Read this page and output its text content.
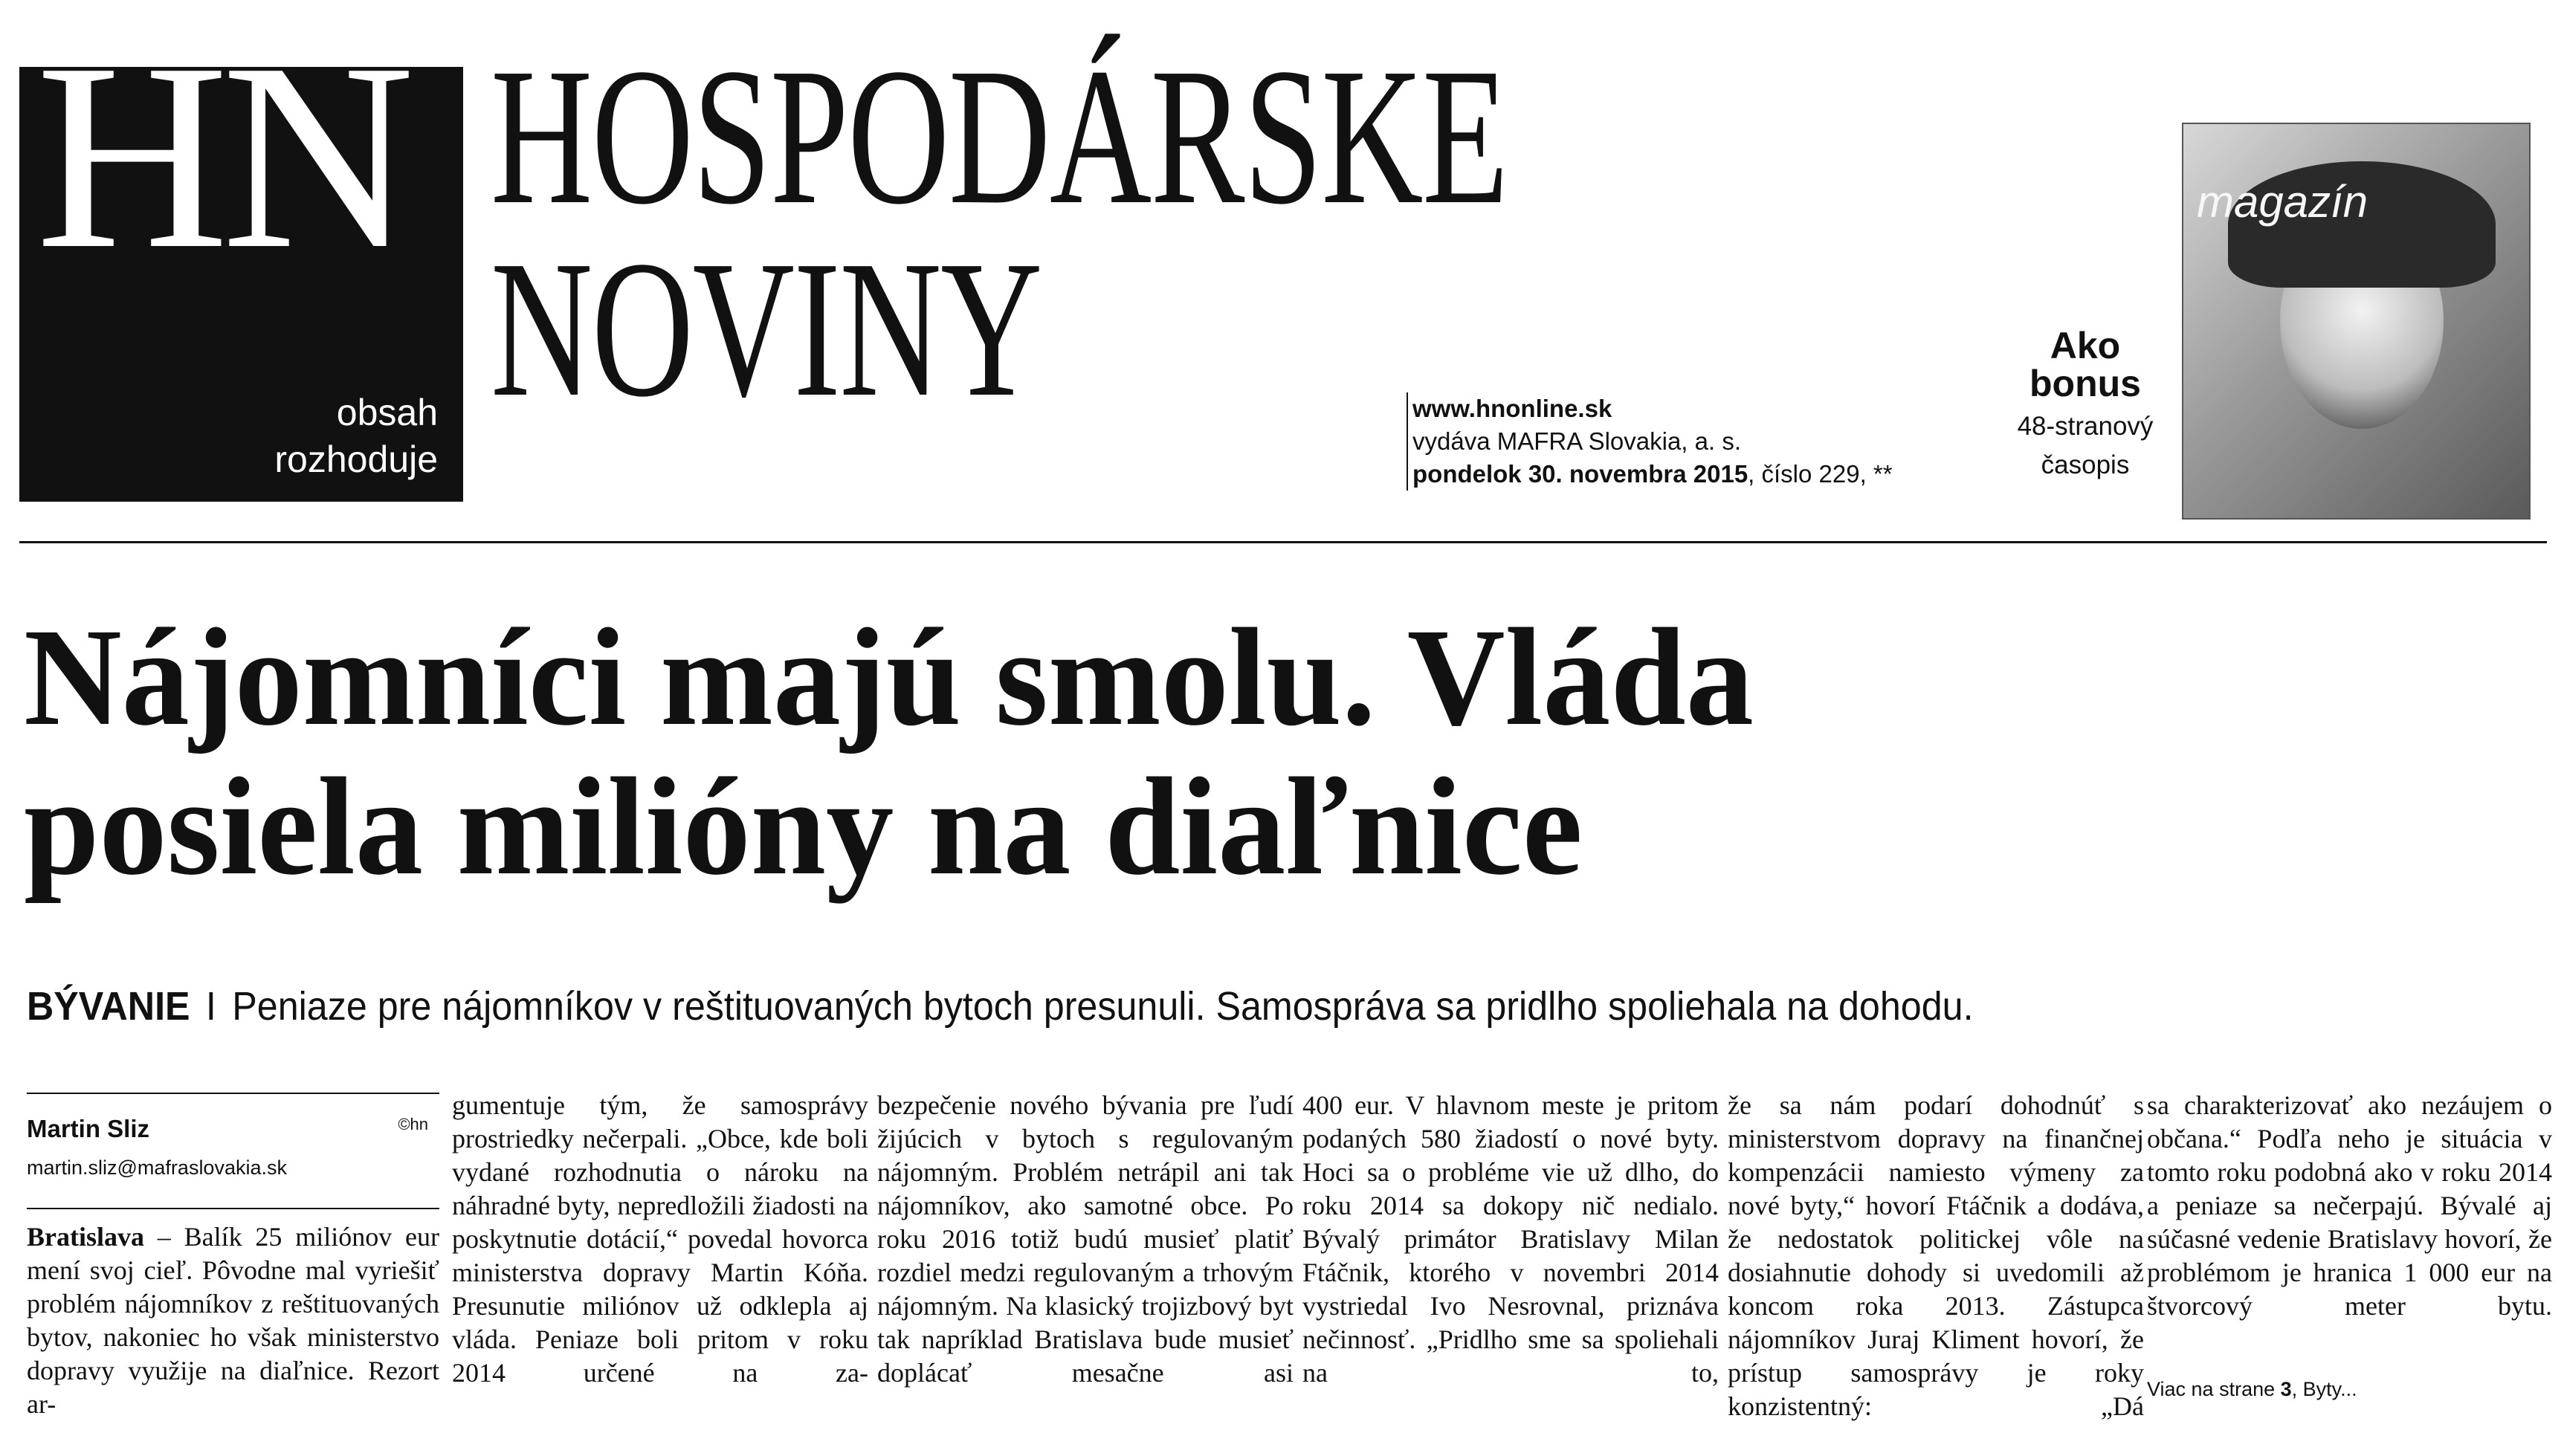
HN
obsah
rozhoduje
HOSPODÁRSKE
NOVINY	www.hnonline.sk
vydáva MAFRA Slovakia, a. s.
pondelok 30. novembra 2015, číslo 229, **
Ako
bonus
48-stranový
časopis
magazín
Nájomníci majú smolu. Vláda
posiela milióny na diaľnice
BÝVANIE I Peniaze pre nájomníkov v reštituovaných bytoch presunuli. Samospráva sa pridlho spoliehala na dohodu.
Martin Sliz	©hn
martin.sliz@mafraslovakia.sk
Bratislava – Balík 25 miliónov eur mení svoj cieľ. Pôvodne mal vyriešiť problém nájomníkov z reštituovaných bytov, nakoniec ho však ministerstvo dopravy využije na diaľnice. Rezort ar-
gumentuje tým, že samosprávy prostriedky nečerpali. „Obce, kde boli vydané rozhodnutia o nároku na náhradné byty, nepredložili žiadosti na poskytnutie dotácií,“ povedal hovorca ministerstva dopravy Martin Kóňa. Presunutie miliónov už odklepla aj vláda. Peniaze boli pritom v roku 2014 určené na za-
bezpečenie nového bývania pre ľudí žijúcich v bytoch s regulovaným nájomným. Problém netrápil ani tak nájomníkov, ako samotné obce. Po roku 2016 totiž budú musieť platiť rozdiel medzi regulovaným a trhovým nájomným. Na klasický trojizbový byt tak napríklad Bratislava bude musieť doplácať mesačne asi
400 eur. V hlavnom meste je pritom podaných 580 žiadostí o nové byty. Hoci sa o probléme vie už dlho, do roku 2014 sa dokopy nič nedialo. Bývalý primátor Bratislavy Milan Ftáčnik, ktorého v novembri 2014 vystriedal Ivo Nesrovnal, priznáva nečinnosť. „Pridlho sme sa spoliehali na to,
že sa nám podarí dohodnúť s ministerstvom dopravy na finančnej kompenzácii namiesto výmeny za nové byty,“ hovorí Ftáčnik a dodáva, že nedostatok politickej vôle na dosiahnutie dohody si uvedomili až koncom roka 2013. Zástupca nájomníkov Juraj Kliment hovorí, že prístup samosprávy je roky konzistentný: „Dá
sa charakterizovať ako nezáujem o občana.“ Podľa neho je situácia v tomto roku podobná ako v roku 2014 a peniaze sa nečerpajú. Bývalé aj súčasné vedenie Bratislavy hovorí, že problémom je hranica 1 000 eur na štvorcový meter bytu.
Viac na strane 3, Byty...
